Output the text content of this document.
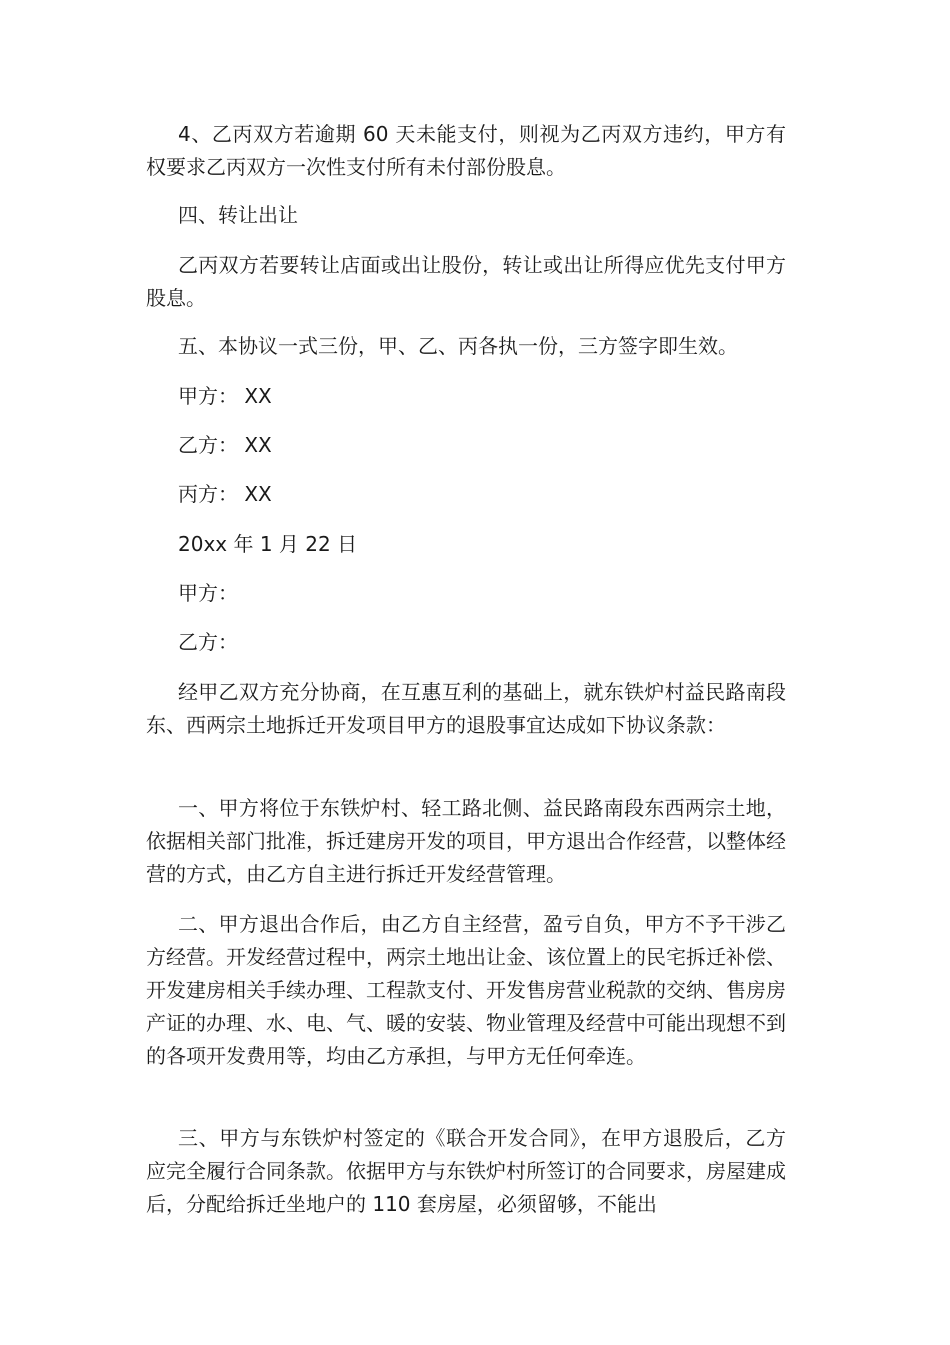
4、乙丙双方若逾期 60 天未能支付，则视为乙丙双方违约，甲方有权要求乙丙双方一次性支付所有未付部份股息。

四、转让出让

乙丙双方若要转让店面或出让股份，转让或出让所得应优先支付甲方股息。

五、本协议一式三份，甲、乙、丙各执一份，三方签字即生效。

甲方： XX

乙方： XX

丙方： XX

20xx 年 1 月 22 日

甲方：

乙方：

经甲乙双方充分协商，在互惠互利的基础上，就东铁炉村益民路南段东、西两宗土地拆迁开发项目甲方的退股事宜达成如下协议条款：

一、甲方将位于东铁炉村、轻工路北侧、益民路南段东西两宗土地，依据相关部门批准，拆迁建房开发的项目，甲方退出合作经营，以整体经营的方式，由乙方自主进行拆迁开发经营管理。

二、甲方退出合作后，由乙方自主经营，盈亏自负，甲方不予干涉乙方经营。开发经营过程中，两宗土地出让金、该位置上的民宅拆迁补偿、开发建房相关手续办理、工程款支付、开发售房营业税款的交纳、售房房产证的办理、水、电、气、暖的安装、物业管理及经营中可能出现想不到的各项开发费用等，均由乙方承担，与甲方无任何牵连。

三、甲方与东铁炉村签定的《联合开发合同》，在甲方退股后，乙方应完全履行合同条款。依据甲方与东铁炉村所签订的合同要求，房屋建成后，分配给拆迁坐地户的 110 套房屋，必须留够，不能出
